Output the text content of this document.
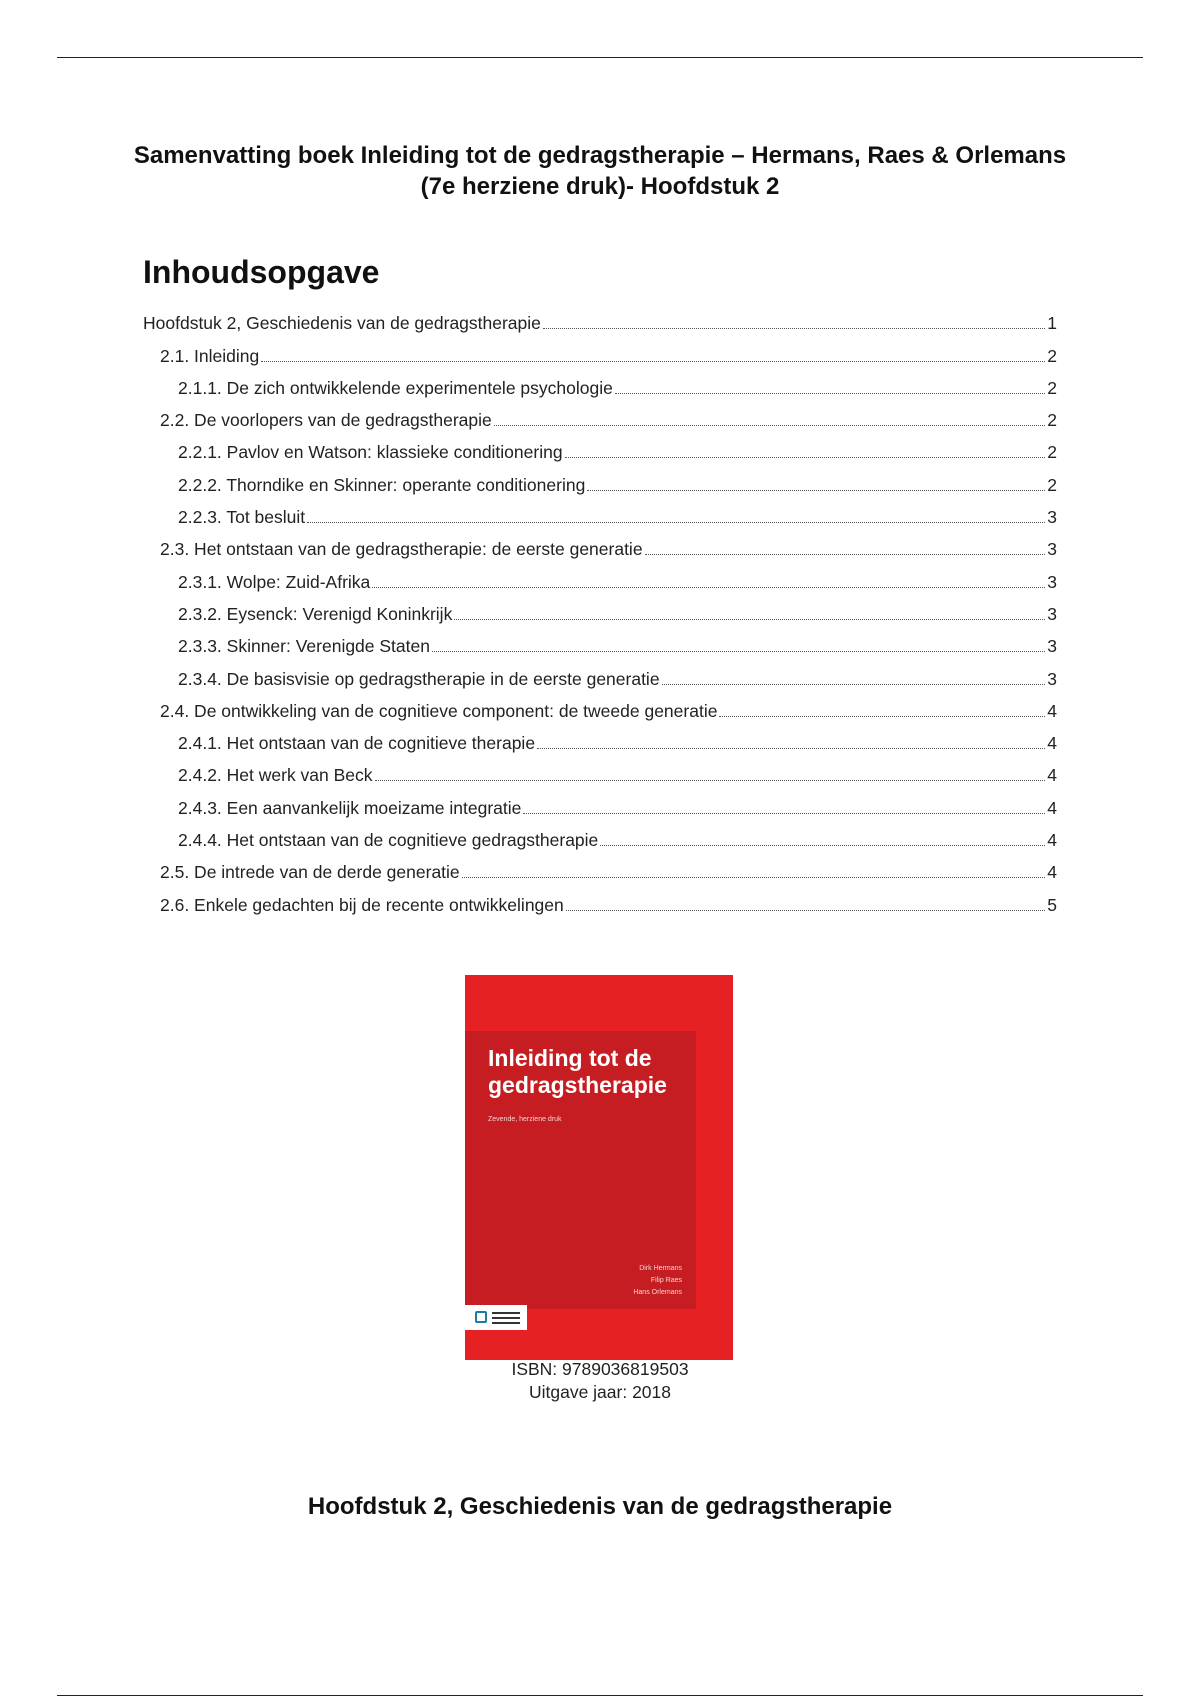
Samenvatting boek Inleiding tot de gedragstherapie – Hermans, Raes & Orlemans (7e herziene druk)- Hoofdstuk 2
Inhoudsopgave
Hoofdstuk 2, Geschiedenis van de gedragstherapie	1
2.1. Inleiding	2
2.1.1. De zich ontwikkelende experimentele psychologie	2
2.2. De voorlopers van de gedragstherapie	2
2.2.1. Pavlov en Watson: klassieke conditionering	2
2.2.2. Thorndike en Skinner: operante conditionering	2
2.2.3. Tot besluit	3
2.3. Het ontstaan van de gedragstherapie: de eerste generatie	3
2.3.1. Wolpe: Zuid-Afrika	3
2.3.2. Eysenck: Verenigd Koninkrijk	3
2.3.3. Skinner: Verenigde Staten	3
2.3.4. De basisvisie op gedragstherapie in de eerste generatie	3
2.4. De ontwikkeling van de cognitieve component: de tweede generatie	4
2.4.1. Het ontstaan van de cognitieve therapie	4
2.4.2. Het werk van Beck	4
2.4.3. Een aanvankelijk moeizame integratie	4
2.4.4. Het ontstaan van de cognitieve gedragstherapie	4
2.5. De intrede van de derde generatie	4
2.6. Enkele gedachten bij de recente ontwikkelingen	5
Inleiding tot de
gedragstherapie
Zevende, herziene druk
Dirk Hermans
Filip Raes
Hans Orlemans
ISBN: 9789036819503
Uitgave jaar: 2018
Hoofdstuk 2, Geschiedenis van de gedragstherapie
